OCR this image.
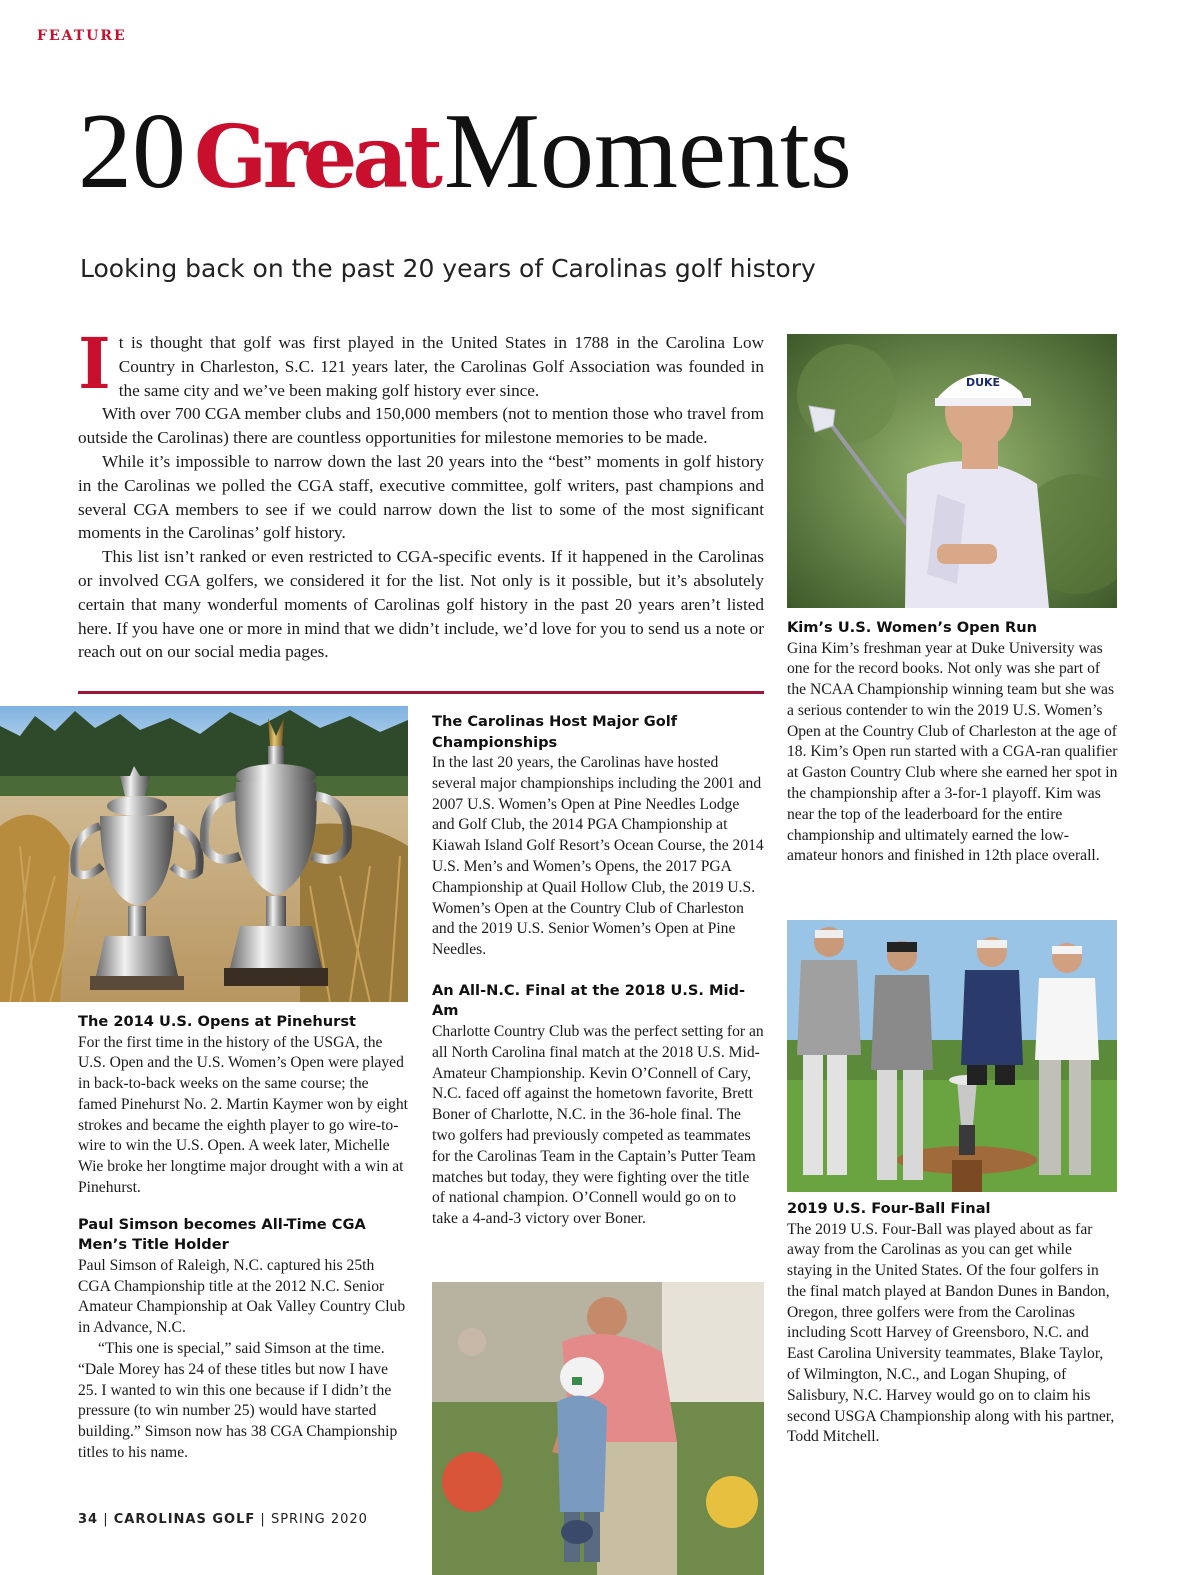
FEATURE
20GreatMoments
Looking back on the past 20 years of Carolinas golf history

It is thought that golf was first played in the United States in 1788 in the Carolina Low Country in Charleston, S.C. 121 years later, the Carolinas Golf Association was founded in the same city and we’ve been making golf history ever since.

With over 700 CGA member clubs and 150,000 members (not to mention those who travel from outside the Carolinas) there are countless opportunities for milestone memories to be made.

While it’s impossible to narrow down the last 20 years into the “best” moments in golf history in the Carolinas we polled the CGA staff, executive committee, golf writers, past champions and several CGA members to see if we could narrow down the list to some of the most significant moments in the Carolinas’ golf history.

This list isn’t ranked or even restricted to CGA-specific events. If it happened in the Carolinas or involved CGA golfers, we considered it for the list. Not only is it possible, but it’s absolutely certain that many wonderful moments of Carolinas golf history in the past 20 years aren’t listed here. If you have one or more in mind that we didn’t include, we’d love for you to send us a note or reach out on our social media pages.

The 2014 U.S. Opens at Pinehurst

For the first time in the history of the USGA, the U.S. Open and the U.S. Women’s Open were played in back-to-back weeks on the same course; the famed Pinehurst No. 2. Martin Kaymer won by eight strokes and became the eighth player to go wire-to-wire to win the U.S. Open. A week later, Michelle Wie broke her longtime major drought with a win at Pinehurst.

Paul Simson becomes All-Time CGA Men’s Title Holder

Paul Simson of Raleigh, N.C. captured his 25th CGA Championship title at the 2012 N.C. Senior Amateur Championship at Oak Valley Country Club in Advance, N.C.

“This one is special,” said Simson at the time. “Dale Morey has 24 of these titles but now I have 25. I wanted to win this one because if I didn’t the pressure (to win number 25) would have started building.” Simson now has 38 CGA Championship titles to his name.

The Carolinas Host Major Golf Championships

In the last 20 years, the Carolinas have hosted several major championships including the 2001 and 2007 U.S. Women’s Open at Pine Needles Lodge and Golf Club, the 2014 PGA Championship at Kiawah Island Golf Resort’s Ocean Course, the 2014 U.S. Men’s and Women’s Opens, the 2017 PGA Championship at Quail Hollow Club, the 2019 U.S. Women’s Open at the Country Club of Charleston and the 2019 U.S. Senior Women’s Open at Pine Needles.

An All-N.C. Final at the 2018 U.S. Mid-Am

Charlotte Country Club was the perfect setting for an all North Carolina final match at the 2018 U.S. Mid-Amateur Championship. Kevin O’Connell of Cary, N.C. faced off against the hometown favorite, Brett Boner of Charlotte, N.C. in the 36-hole final. The two golfers had previously competed as teammates for the Carolinas Team in the Captain’s Putter Team matches but today, they were fighting over the title of national champion. O’Connell would go on to take a 4-and-3 victory over Boner.

DUKE
Kim’s U.S. Women’s Open Run

Gina Kim’s freshman year at Duke University was one for the record books. Not only was she part of the NCAA Championship winning team but she was a serious contender to win the 2019 U.S. Women’s Open at the Country Club of Charleston at the age of 18. Kim’s Open run started with a CGA-ran qualifier at Gaston Country Club where she earned her spot in the championship after a 3-for-1 playoff. Kim was near the top of the leaderboard for the entire championship and ultimately earned the low-amateur honors and finished in 12th place overall.

2019 U.S. Four-Ball Final

The 2019 U.S. Four-Ball was played about as far away from the Carolinas as you can get while staying in the United States. Of the four golfers in the final match played at Bandon Dunes in Bandon, Oregon, three golfers were from the Carolinas including Scott Harvey of Greensboro, N.C. and East Carolina University teammates, Blake Taylor, of Wilmington, N.C., and Logan Shuping, of Salisbury, N.C. Harvey would go on to claim his second USGA Championship along with his partner, Todd Mitchell.

34 | CAROLINAS GOLF | SPRING 2020
